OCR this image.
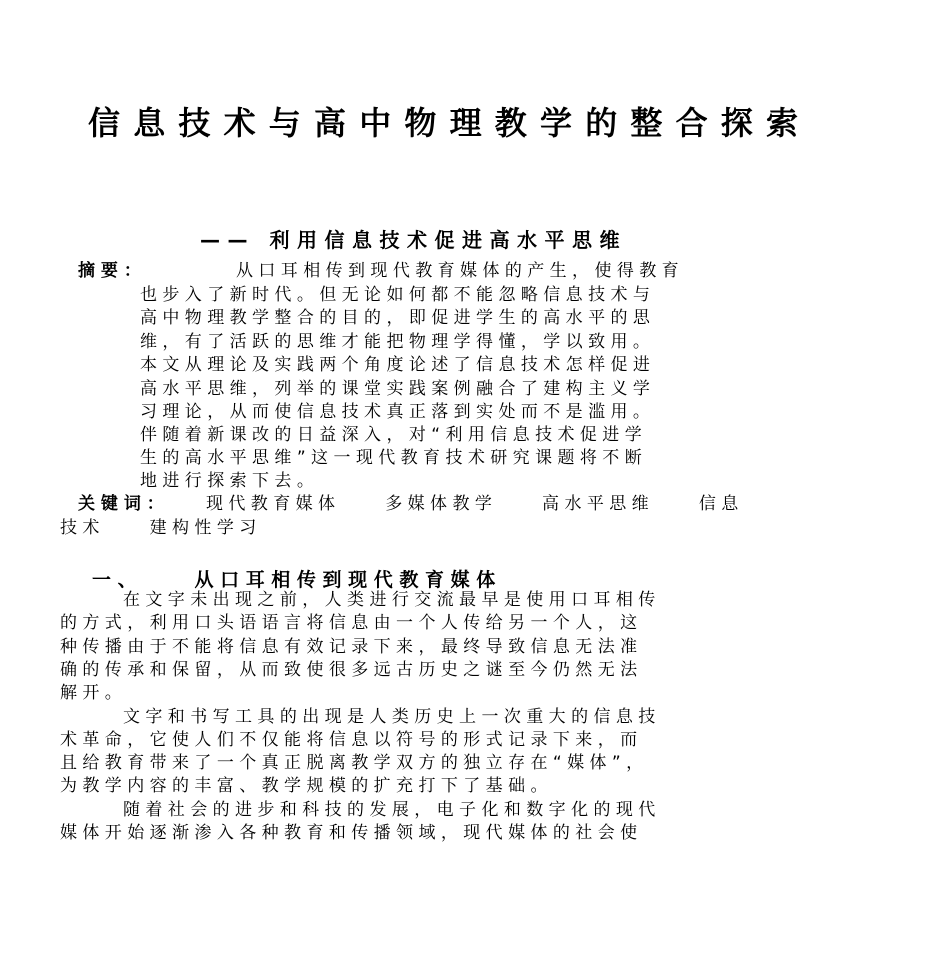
信息技术与高中物理教学的整合探索
—— 利用信息技术促进高水平思维
摘 要 ：	从 口 耳 相 传 到 现 代 教 育 媒 体 的 产 生 ， 使 得 教 育
也 步 入 了 新 时 代 。 但 无 论 如 何 都 不 能 忽 略 信 息 技 术 与
高 中 物 理 教 学 整 合 的 目 的 ， 即 促 进 学 生 的 高 水 平 的 思
维 ， 有 了 活 跃 的 思 维 才 能 把 物 理 学 得 懂 ， 学 以 致 用 。
本 文 从 理 论 及 实 践 两 个 角 度 论 述 了 信 息 技 术 怎 样 促 进
高 水 平 思 维 ， 列 举 的 课 堂 实 践 案 例 融 合 了 建 构 主 义 学
习 理 论 ， 从 而 使 信 息 技 术 真 正 落 到 实 处 而 不 是 滥 用 。
伴 随 着 新 课 改 的 日 益 深 入 ， 对 “ 利 用 信 息 技 术 促 进 学
生 的 高 水 平 思 维 ” 这 一 现 代 教 育 技 术 研 究 课 题 将 不 断
地 进 行 探 索 下 去 。
关 键 词 ： 现 代 教 育 媒 体 　 　 多 媒 体 教 学 　 　 高 水 平 思 维 　 　 信 息
技 术 　 　 建 构 性 学 习
一 、 　 　 从 口 耳 相 传 到 现 代 教 育 媒 体
在 文 字 未 出 现 之 前 ， 人 类 进 行 交 流 最 早 是 使 用 口 耳 相 传
的 方 式 ， 利 用 口 头 语 语 言 将 信 息 由 一 个 人 传 给 另 一 个 人 ， 这
种 传 播 由 于 不 能 将 信 息 有 效 记 录 下 来 ， 最 终 导 致 信 息 无 法 准
确 的 传 承 和 保 留 ， 从 而 致 使 很 多 远 古 历 史 之 谜 至 今 仍 然 无 法
解 开 。
文 字 和 书 写 工 具 的 出 现 是 人 类 历 史 上 一 次 重 大 的 信 息 技
术 革 命 ， 它 使 人 们 不 仅 能 将 信 息 以 符 号 的 形 式 记 录 下 来 ， 而
且 给 教 育 带 来 了 一 个 真 正 脱 离 教 学 双 方 的 独 立 存 在 “ 媒 体 ” ，
为 教 学 内 容 的 丰 富 、 教 学 规 模 的 扩 充 打 下 了 基 础 。
随 着 社 会 的 进 步 和 科 技 的 发 展 ， 电 子 化 和 数 字 化 的 现 代
媒 体 开 始 逐 渐 渗 入 各 种 教 育 和 传 播 领 域 ， 现 代 媒 体 的 社 会 使
